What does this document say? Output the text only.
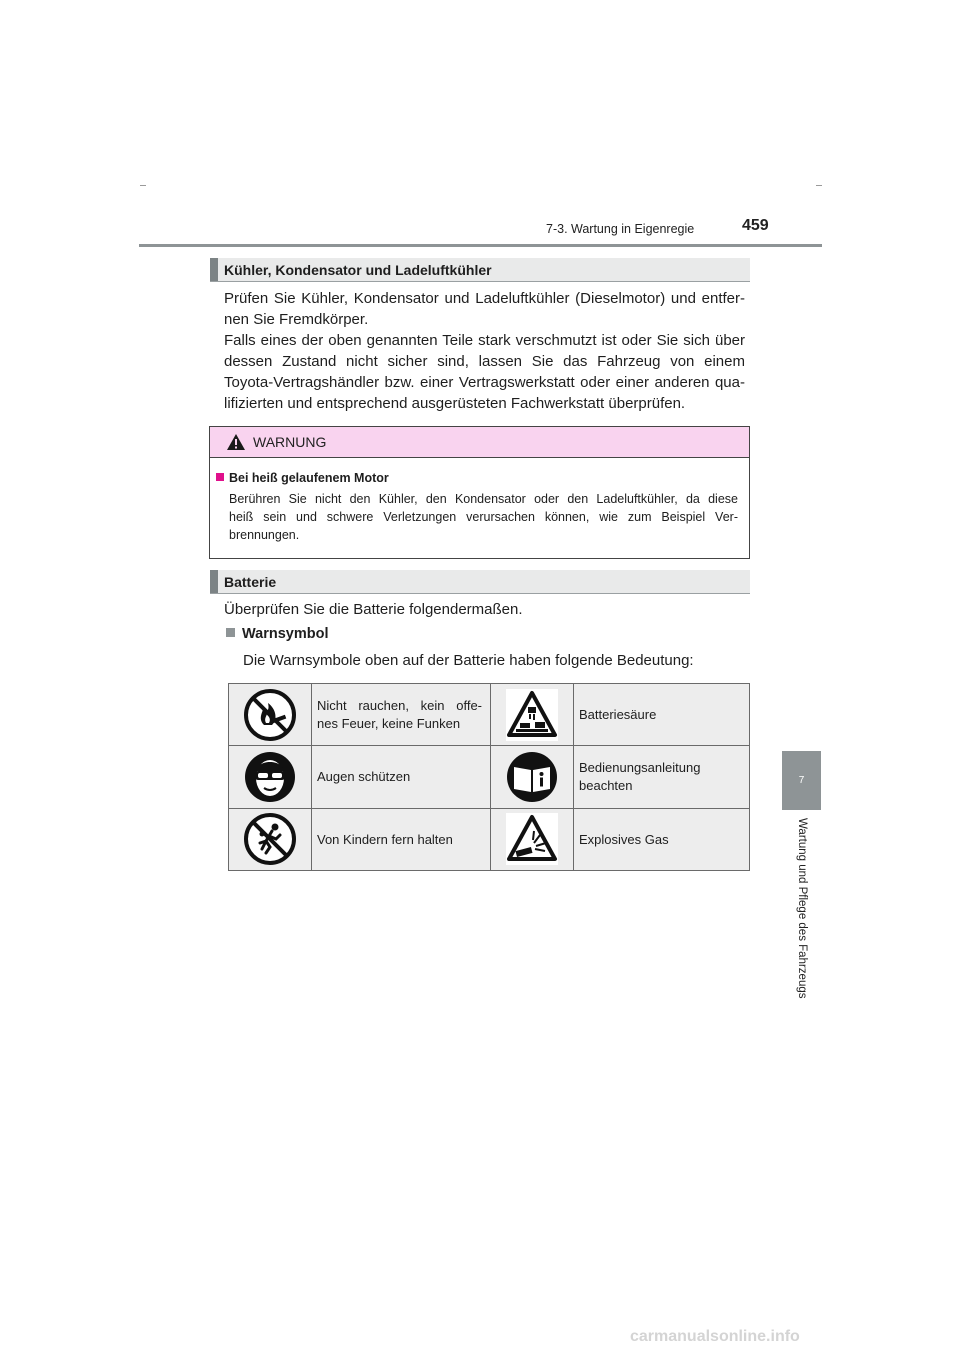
7-3. Wartung in Eigenregie	459
7
Wartung und Pflege des Fahrzeugs
Kühler, Kondensator und Ladeluftkühler
Prüfen Sie Kühler, Kondensator und Ladeluftkühler (Dieselmotor) und entfer-
nen Sie Fremdkörper.
Falls eines der oben genannten Teile stark verschmutzt ist oder Sie sich über
dessen Zustand nicht sicher sind, lassen Sie das Fahrzeug von einem
Toyota-Vertragshändler bzw. einer Vertragswerkstatt oder einer anderen qua-
lifizierten und entsprechend ausgerüsteten Fachwerkstatt überprüfen.
WARNUNG
Bei heiß gelaufenem Motor
Berühren Sie nicht den Kühler, den Kondensator oder den Ladeluftkühler, da diese
heiß sein und schwere Verletzungen verursachen können, wie zum Beispiel Ver-
brennungen.
Batterie
Überprüfen Sie die Batterie folgendermaßen.
Warnsymbol
Die Warnsymbole oben auf der Batterie haben folgende Bedeutung:

Nicht rauchen, kein offe-
nes Feuer, keine Funken		Batteriesäure

Augen schützen		Bedienungsanleitung
beachten

Von Kindern fern halten		Explosives Gas
carmanualsonline.info
